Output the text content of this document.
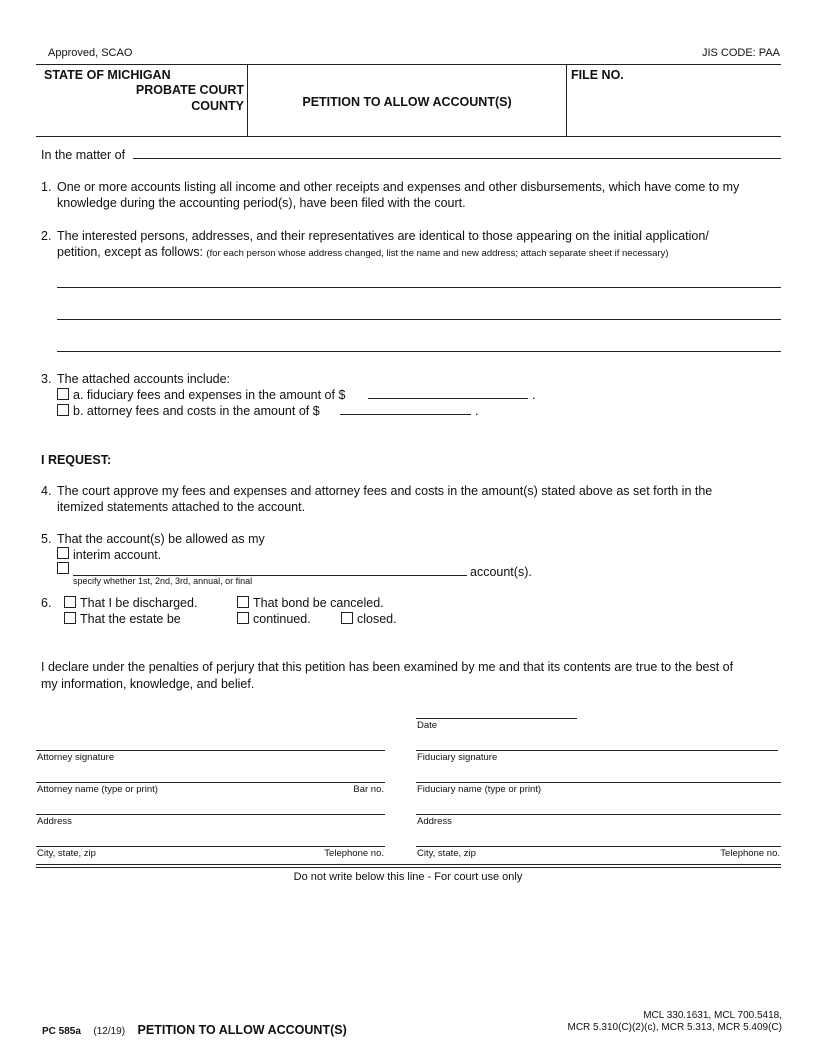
Approved, SCAO	JIS CODE: PAA
STATE OF MICHIGAN
PROBATE COURT
COUNTY	PETITION TO ALLOW ACCOUNT(S)
FILE NO.
In the matter of
1. One or more accounts listing all income and other receipts and expenses and other disbursements, which have come to my
knowledge during the accounting period(s), have been filed with the court.
2. The interested persons, addresses, and their representatives are identical to those appearing on the initial application/
petition, except as follows: (for each person whose address changed, list the name and new address; attach separate sheet if necessary)
3. The attached accounts include:
a. fiduciary fees and expenses in the amount of $	.
b. attorney fees and costs in the amount of $	.
I REQUEST:
4. The court approve my fees and expenses and attorney fees and costs in the amount(s) stated above as set forth in the
itemized statements attached to the account.
5. That the account(s) be allowed as my
interim account.
account(s).
specify whether 1st, 2nd, 3rd, annual, or final
6. That I be discharged.	That bond be canceled.
That the estate be	continued.	closed.
I declare under the penalties of perjury that this petition has been examined by me and that its contents are true to the best of
my information, knowledge, and belief.
Date
Attorney signature	Fiduciary signature
Attorney name (type or print)	Bar no.	Fiduciary name (type or print)
Address	Address
City, state, zip	Telephone no.	City, state, zip	Telephone no.
Do not write below this line - For court use only
PC 585a (12/19) PETITION TO ALLOW ACCOUNT(S)
MCL 330.1631, MCL 700.5418,
MCR 5.310(C)(2)(c), MCR 5.313, MCR 5.409(C)
